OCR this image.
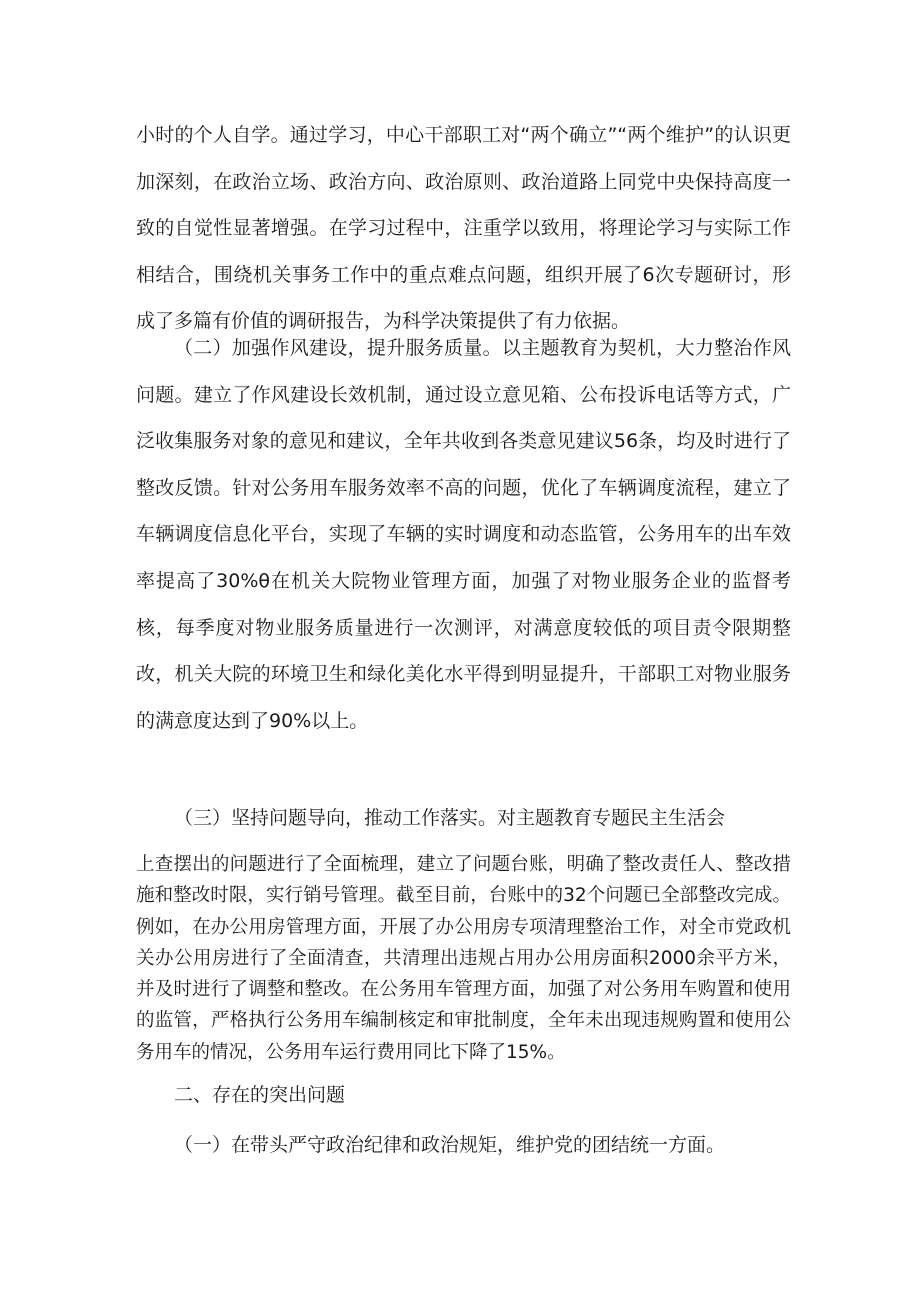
小时的个人自学。通过学习，中心干部职工对“两个确立”“两个维护”的认识更加深刻，在政治立场、政治方向、政治原则、政治道路上同党中央保持高度一致的自觉性显著增强。在学习过程中，注重学以致用，将理论学习与实际工作相结合，围绕机关事务工作中的重点难点问题，组织开展了6次专题研讨，形成了多篇有价值的调研报告，为科学决策提供了有力依据。

（二）加强作风建设，提升服务质量。以主题教育为契机，大力整治作风问题。建立了作风建设长效机制，通过设立意见箱、公布投诉电话等方式，广泛收集服务对象的意见和建议，全年共收到各类意见建议56条，均及时进行了整改反馈。针对公务用车服务效率不高的问题，优化了车辆调度流程，建立了车辆调度信息化平台，实现了车辆的实时调度和动态监管，公务用车的出车效率提高了30%θ在机关大院物业管理方面，加强了对物业服务企业的监督考核，每季度对物业服务质量进行一次测评，对满意度较低的项目责令限期整改，机关大院的环境卫生和绿化美化水平得到明显提升，干部职工对物业服务的满意度达到了90%以上。

（三）坚持问题导向，推动工作落实。对主题教育专题民主生活会

上查摆出的问题进行了全面梳理，建立了问题台账，明确了整改责任人、整改措施和整改时限，实行销号管理。截至目前，台账中的32个问题已全部整改完成。例如，在办公用房管理方面，开展了办公用房专项清理整治工作，对全市党政机关办公用房进行了全面清查，共清理出违规占用办公用房面积2000余平方米，并及时进行了调整和整改。在公务用车管理方面，加强了对公务用车购置和使用的监管，严格执行公务用车编制核定和审批制度，全年未出现违规购置和使用公务用车的情况，公务用车运行费用同比下降了15%。

二、存在的突出问题

（一）在带头严守政治纪律和政治规矩，维护党的团结统一方面。
